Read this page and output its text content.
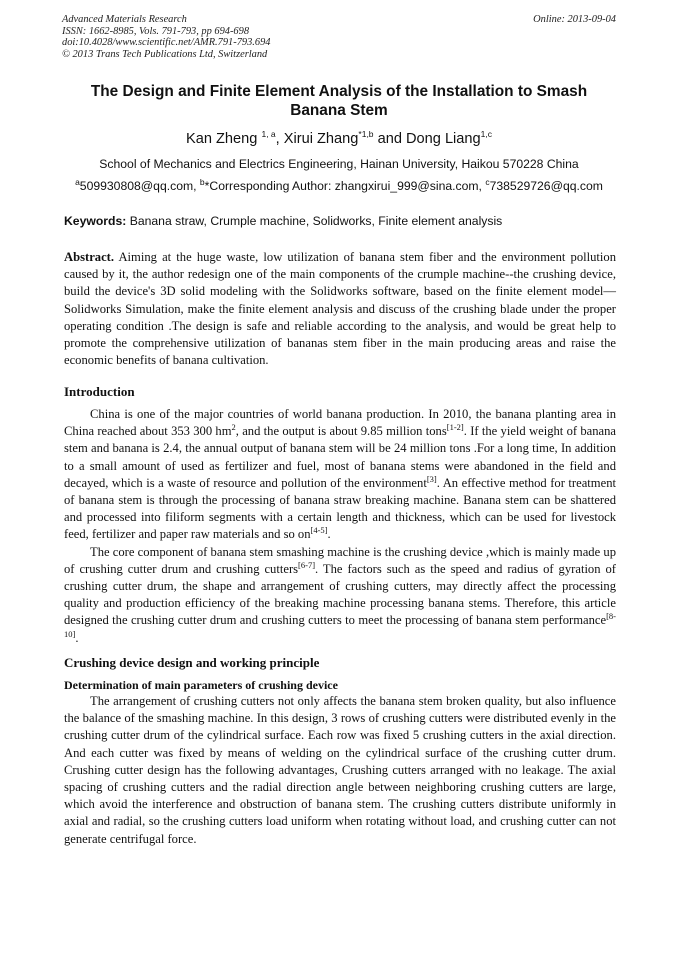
Advanced Materials Research
ISSN: 1662-8985, Vols. 791-793, pp 694-698
doi:10.4028/www.scientific.net/AMR.791-793.694
© 2013 Trans Tech Publications Ltd, Switzerland
Online: 2013-09-04
The Design and Finite Element Analysis of the Installation to Smash Banana Stem
Kan Zheng $^{1, a}$, Xirui Zhang$^{*1,b}$ and Dong Liang$^{1,c}$
School of Mechanics and Electrics Engineering, Hainan University, Haikou 570228 China
$^a$509930808@qq.com, $^b$*Corresponding Author: zhangxirui_999@sina.com, $^c$738529726@qq.com
Keywords: Banana straw, Crumple machine, Solidworks, Finite element analysis
Abstract. Aiming at the huge waste, low utilization of banana stem fiber and the environment pollution caused by it, the author redesign one of the main components of the crumple machine--the crushing device, build the device's 3D solid modeling with the Solidworks software, based on the finite element model—Solidworks Simulation, make the finite element analysis and discuss of the crushing blade under the proper operating condition .The design is safe and reliable according to the analysis, and would be great help to promote the comprehensive utilization of bananas stem fiber in the main producing areas and raise the economic benefits of banana cultivation.
Introduction

China is one of the major countries of world banana production. In 2010, the banana planting area in China reached about 353 300 hm$^2$, and the output is about 9.85 million tons[1-2]. If the yield weight of banana stem and banana is 2.4, the annual output of banana stem will be 24 million tons .For a long time, In addition to a small amount of used as fertilizer and fuel, most of banana stems were abandoned in the field and decayed, which is a waste of resource and pollution of the environment[3]. An effective method for treatment of banana stem is through the processing of banana straw breaking machine. Banana stem can be shattered and processed into filiform segments with a certain length and thickness, which can be used for livestock feed, fertilizer and paper raw materials and so on[4-5].

The core component of banana stem smashing machine is the crushing device ,which is mainly made up of crushing cutter drum and crushing cutters[6-7]. The factors such as the speed and radius of gyration of crushing cutter drum, the shape and arrangement of crushing cutters, may directly affect the processing quality and production efficiency of the breaking machine processing banana stems. Therefore, this article designed the crushing cutter drum and crushing cutters to meet the processing of banana stem performance[8-10].

Crushing device design and working principle
Determination of main parameters of crushing device

The arrangement of crushing cutters not only affects the banana stem broken quality, but also influence the balance of the smashing machine. In this design, 3 rows of crushing cutters were distributed evenly in the crushing cutter drum of the cylindrical surface. Each row was fixed 5 crushing cutters in the axial direction. And each cutter was fixed by means of welding on the cylindrical surface of the crushing cutter drum. Crushing cutter design has the following advantages, Crushing cutters arranged with no leakage. The axial spacing of crushing cutters and the radial direction angle between neighboring crushing cutters are large, which avoid the interference and obstruction of banana stem. The crushing cutters distribute uniformly in axial and radial, so the crushing cutters load uniform when rotating without load, and crushing cutter can not generate centrifugal force.
